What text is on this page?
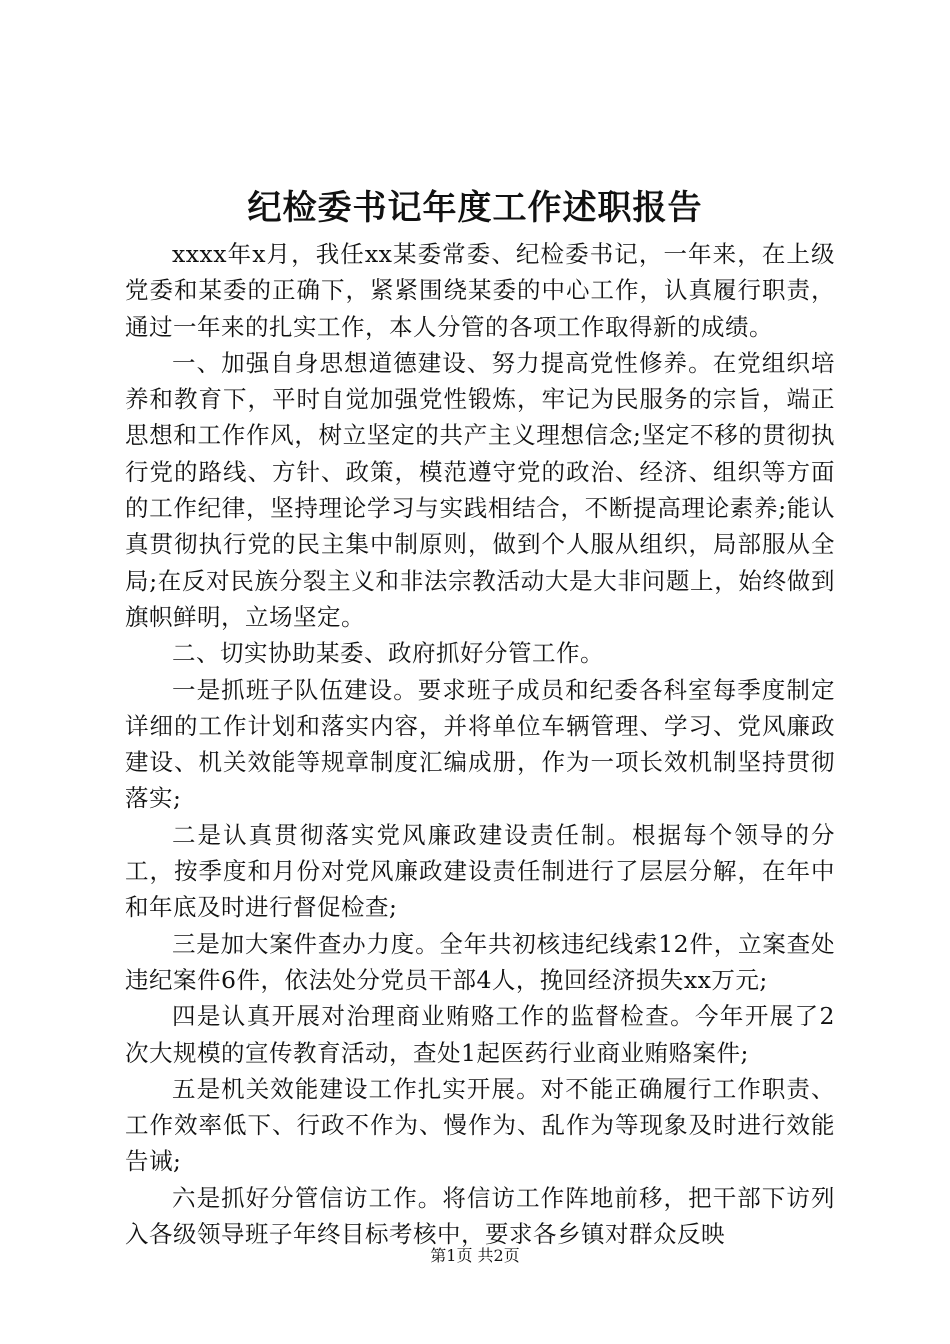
纪检委书记年度工作述职报告

xxxx年x月，我任xx某委常委、纪检委书记，一年来，在上级党委和某委的正确下，紧紧围绕某委的中心工作，认真履行职责，通过一年来的扎实工作，本人分管的各项工作取得新的成绩。

一、加强自身思想道德建设、努力提高党性修养。在党组织培养和教育下，平时自觉加强党性锻炼，牢记为民服务的宗旨，端正思想和工作作风，树立坚定的共产主义理想信念;坚定不移的贯彻执行党的路线、方针、政策，模范遵守党的政治、经济、组织等方面的工作纪律，坚持理论学习与实践相结合，不断提高理论素养;能认真贯彻执行党的民主集中制原则，做到个人服从组织，局部服从全局;在反对民族分裂主义和非法宗教活动大是大非问题上，始终做到旗帜鲜明，立场坚定。

二、切实协助某委、政府抓好分管工作。

一是抓班子队伍建设。要求班子成员和纪委各科室每季度制定详细的工作计划和落实内容，并将单位车辆管理、学习、党风廉政建设、机关效能等规章制度汇编成册，作为一项长效机制坚持贯彻落实;

二是认真贯彻落实党风廉政建设责任制。根据每个领导的分工，按季度和月份对党风廉政建设责任制进行了层层分解，在年中和年底及时进行督促检查;

三是加大案件查办力度。全年共初核违纪线索12件，立案查处违纪案件6件，依法处分党员干部4人，挽回经济损失xx万元;

四是认真开展对治理商业贿赂工作的监督检查。今年开展了2次大规模的宣传教育活动，查处1起医药行业商业贿赂案件;

五是机关效能建设工作扎实开展。对不能正确履行工作职责、工作效率低下、行政不作为、慢作为、乱作为等现象及时进行效能告诫;

六是抓好分管信访工作。将信访工作阵地前移，把干部下访列入各级领导班子年终目标考核中，要求各乡镇对群众反映

第1页 共2页
